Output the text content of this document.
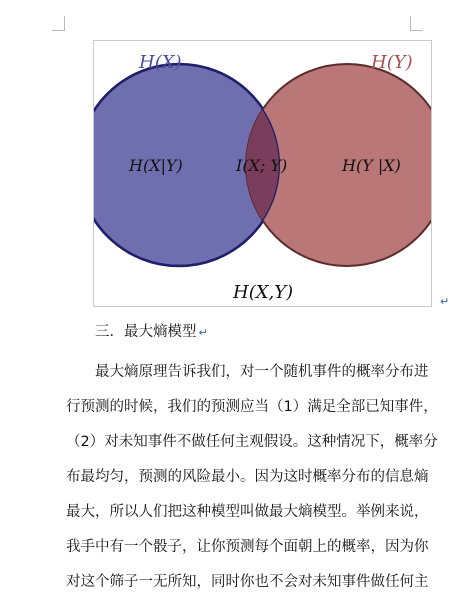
H(X)	H(Y)
H(X|Y)	I(X; Y)	H(Y |X)
H(X,Y)	↵
三．最大熵模型 ↵
最大熵原理告诉我们，对一个随机事件的概率分布进
行预测的时候，我们的预测应当（1）满足全部已知事件，
（2）对未知事件不做任何主观假设。这种情况下，概率分
布最均匀，预测的风险最小。因为这时概率分布的信息熵
最大，所以人们把这种模型叫做最大熵模型。举例来说，
我手中有一个骰子，让你预测每个面朝上的概率，因为你
对这个筛子一无所知，同时你也不会对未知事件做任何主
